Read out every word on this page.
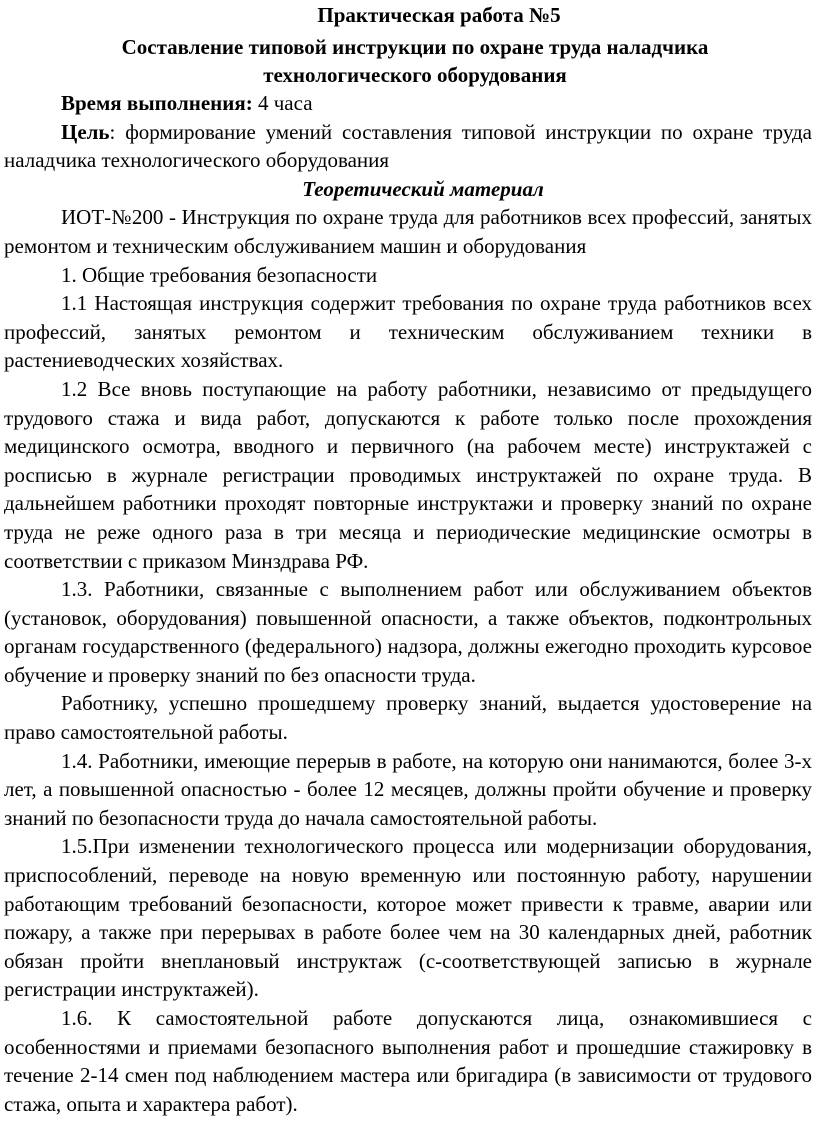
Практическая работа №5

Составление типовой инструкции по охране труда наладчика технологического оборудования

Время выполнения: 4 часа

Цель: формирование умений составления типовой инструкции по охране труда наладчика технологического оборудования

Теоретический материал

ИОТ-№200 - Инструкция по охране труда для работников всех профессий, занятых ремонтом и техническим обслуживанием машин и оборудования

1. Общие требования безопасности

1.1 Настоящая инструкция содержит требования по охране труда работников всех профессий, занятых ремонтом и техническим обслуживанием техники в растениеводческих хозяйствах.

1.2 Все вновь поступающие на работу работники, независимо от предыдущего трудового стажа и вида работ, допускаются к работе только после прохождения медицинского осмотра, вводного и первичного (на рабочем месте) инструктажей с росписью в журнале регистрации проводимых инструктажей по охране труда. В дальнейшем работники проходят повторные инструктажи и проверку знаний по охране труда не реже одного раза в три месяца и периодические медицинские осмотры в соответствии с приказом Минздрава РФ.

1.3. Работники, связанные с выполнением работ или обслуживанием объектов (установок, оборудования) повышенной опасности, а также объектов, подконтрольных органам государственного (федерального) надзора, должны ежегодно проходить курсовое обучение и проверку знаний по без опасности труда.

Работнику, успешно прошедшему проверку знаний, выдается удостоверение на право самостоятельной работы.

1.4. Работники, имеющие перерыв в работе, на которую они нанимаются, более 3-х лет, а повышенной опасностью - более 12 месяцев, должны пройти обучение и проверку знаний по безопасности труда до начала самостоятельной работы.

1.5.При изменении технологического процесса или модернизации оборудования, приспособлений, переводе на новую временную или постоянную работу, нарушении работающим требований безопасности, которое может привести к травме, аварии или пожару, а также при перерывах в работе более чем на 30 календарных дней, работник обязан пройти внеплановый инструктаж (с-соответствующей записью в журнале регистрации инструктажей).

1.6. К самостоятельной работе допускаются лица, ознакомившиеся с особенностями и приемами безопасного выполнения работ и прошедшие стажировку в течение 2-14 смен под наблюдением мастера или бригадира (в зависимости от трудового стажа, опыта и характера работ).
